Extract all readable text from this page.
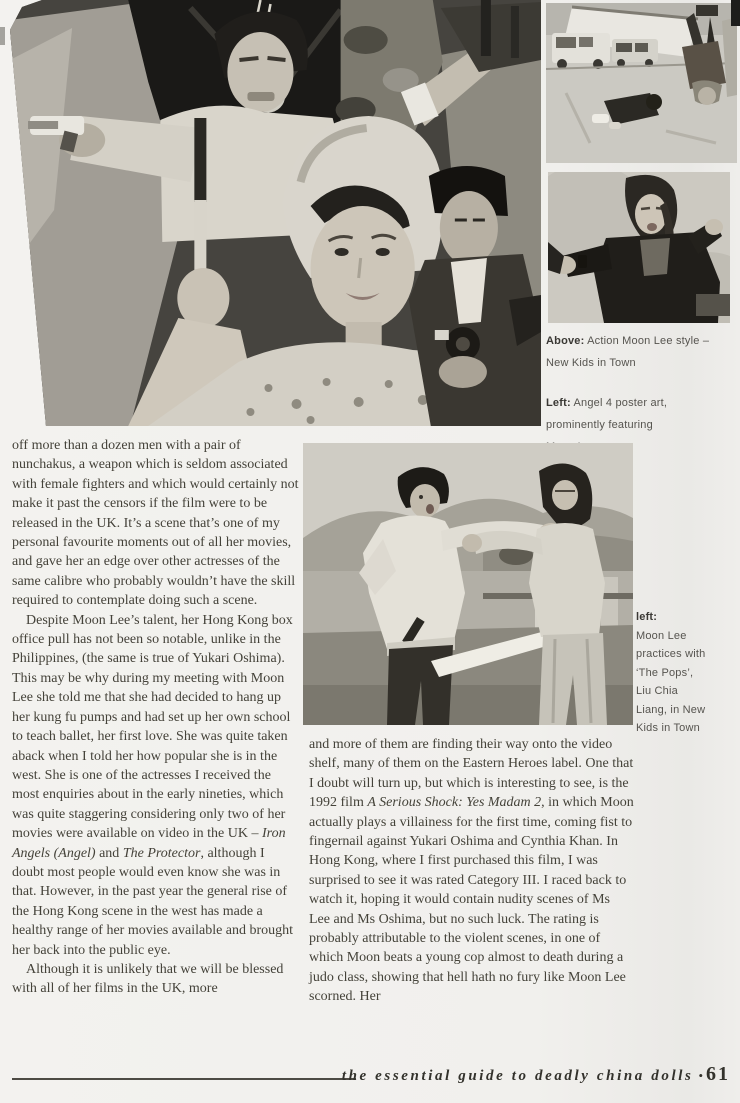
Above: Action Moon Lee style –
New Kids in Town
Left: Angel 4 poster art,
prominently featuring

off more than a dozen men with a pair of nunchakus, a weapon which is seldom associated with female fighters and which would certainly not make it past the censors if the film were to be released in the UK. It’s a scene that’s one of my personal favourite moments out of all her movies, and gave her an edge over other actresses of the same calibre who probably wouldn’t have the skill required to contemplate doing such a scene.

Despite Moon Lee’s talent, her Hong Kong box office pull has not been so notable, unlike in the Philippines, (the same is true of Yukari Oshima). This may be why during my meeting with Moon Lee she told me that she had decided to hang up her kung fu pumps and had set up her own school to teach ballet, her first love. She was quite taken aback when I told her how popular she is in the west. She is one of the actresses I received the most enquiries about in the early nineties, which was quite staggering considering only two of her movies were available on video in the UK – Iron Angels (Angel) and The Protector, although I doubt most people would even know she was in that. However, in the past year the general rise of the Hong Kong scene in the west has made a healthy range of her movies available and brought her back into the public eye.

Although it is unlikely that we will be blessed with all of her films in the UK, more

left:
Moon Lee
practices with
‘The Pops’,
Liu Chia
Liang, in New
Kids in Town

and more of them are finding their way onto the video shelf, many of them on the Eastern Heroes label. One that I doubt will turn up, but which is interesting to see, is the 1992 film A Serious Shock: Yes Madam 2, in which Moon actually plays a villainess for the first time, coming fist to fingernail against Yukari Oshima and Cynthia Khan. In Hong Kong, where I first purchased this film, I was surprised to see it was rated Category III. I raced back to watch it, hoping it would contain nudity scenes of Ms Lee and Ms Oshima, but no such luck. The rating is probably attributable to the violent scenes, in one of which Moon beats a young cop almost to death during a judo class, showing that hell hath no fury like Moon Lee scorned. Her

the essential guide to deadly china dolls • 61
